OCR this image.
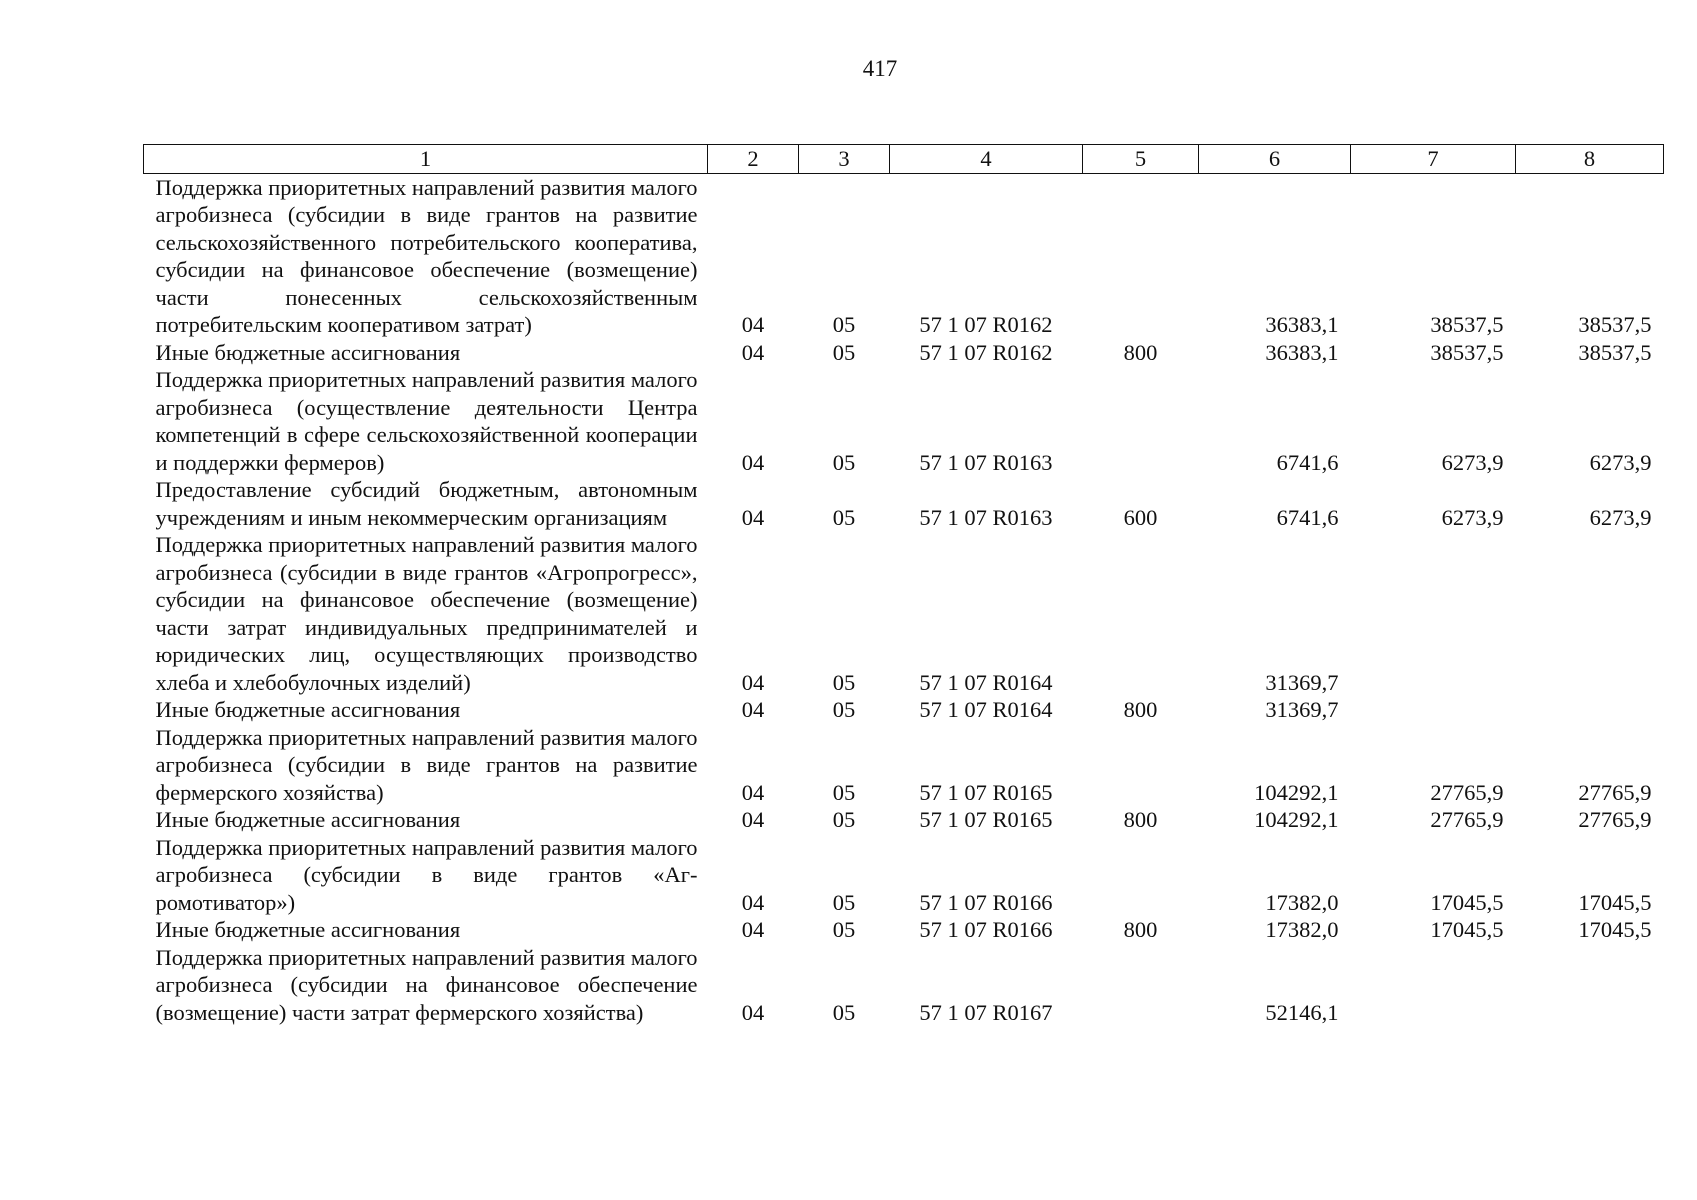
417
1	2	3	4	5	6	7	8
Поддержка приоритетных направлений развития малого агробизнеса (субсидии в виде грантов на развитие сельскохозяйственного потребительского кооператива, субсидии на финансовое обеспечение (возмещение) части понесенных сельскохозяйственным потребительским кооперативом затрат)	04	05	57 1 07 R0162		36383,1	38537,5	38537,5
Иные бюджетные ассигнования	04	05	57 1 07 R0162	800	36383,1	38537,5	38537,5
Поддержка приоритетных направлений развития малого агробизнеса (осуществление деятельности Центра компетенций в сфере сельскохозяйственной кооперации и поддержки фермеров)	04	05	57 1 07 R0163		6741,6	6273,9	6273,9
Предоставление субсидий бюджетным, автономным учреждениям и иным некоммерческим организациям	04	05	57 1 07 R0163	600	6741,6	6273,9	6273,9
Поддержка приоритетных направлений развития малого агробизнеса (субсидии в виде грантов «Агропрогресс», субсидии на финансовое обеспечение (возмещение) части затрат индивидуальных предпринимателей и юридических лиц, осуществляющих производство хлеба и хлебобулочных изделий)	04	05	57 1 07 R0164		31369,7		
Иные бюджетные ассигнования	04	05	57 1 07 R0164	800	31369,7		
Поддержка приоритетных направлений развития малого агробизнеса (субсидии в виде грантов на развитие фермерского хозяйства)	04	05	57 1 07 R0165		104292,1	27765,9	27765,9
Иные бюджетные ассигнования	04	05	57 1 07 R0165	800	104292,1	27765,9	27765,9
Поддержка приоритетных направлений развития малого агробизнеса (субсидии в виде грантов «Агромотиватор»)	04	05	57 1 07 R0166		17382,0	17045,5	17045,5
Иные бюджетные ассигнования	04	05	57 1 07 R0166	800	17382,0	17045,5	17045,5
Поддержка приоритетных направлений развития малого агробизнеса (субсидии на финансовое обеспечение (возмещение) части затрат фермерского хозяйства)	04	05	57 1 07 R0167		52146,1		
